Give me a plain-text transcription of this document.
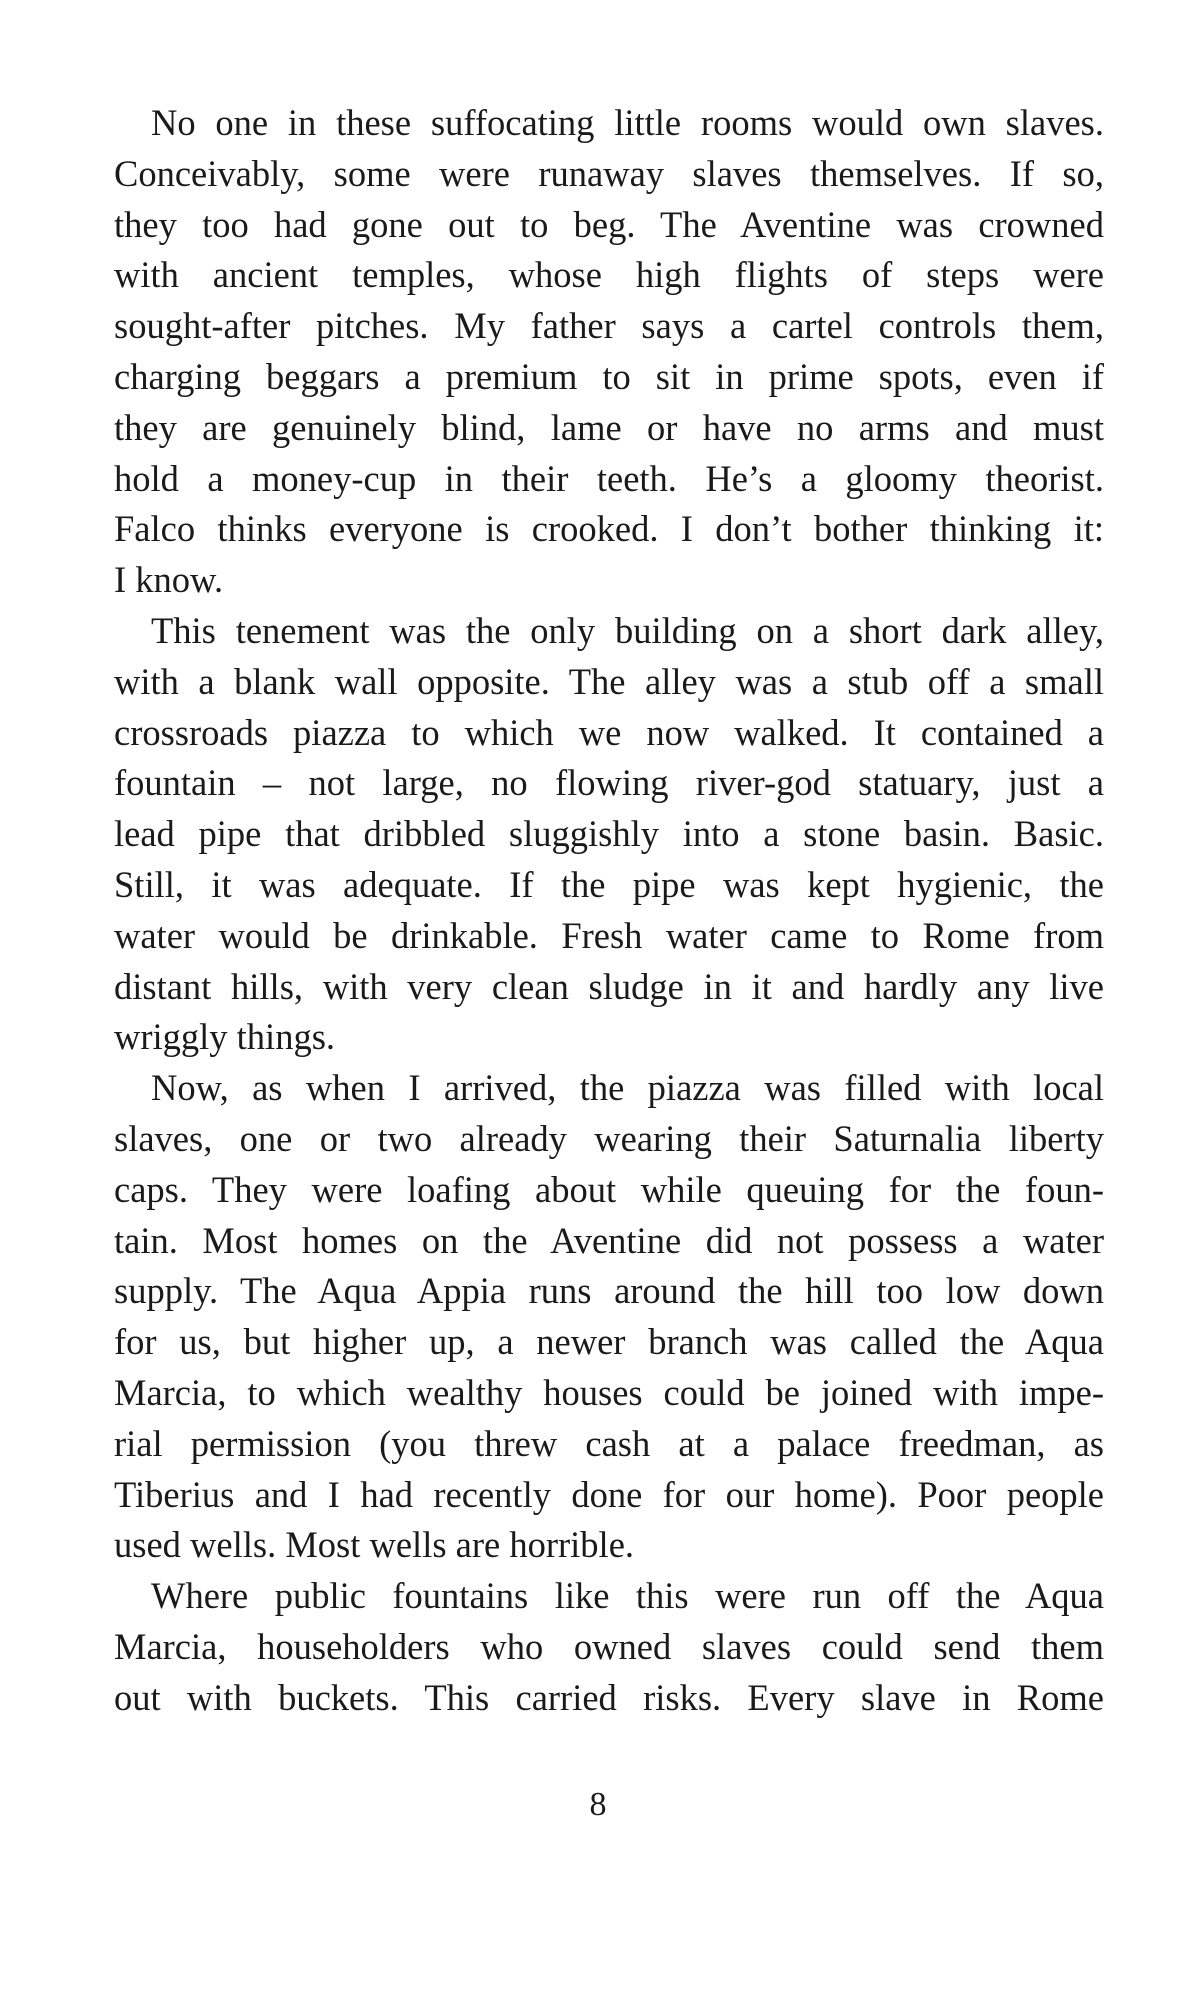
No one in these suffocating little rooms would own slaves.
Conceivably, some were runaway slaves themselves. If so,
they too had gone out to beg. The Aventine was crowned
with ancient temples, whose high flights of steps were
sought-after pitches. My father says a cartel controls them,
charging beggars a premium to sit in prime spots, even if
they are genuinely blind, lame or have no arms and must
hold a money-cup in their teeth. He’s a gloomy theorist.
Falco thinks everyone is crooked. I don’t bother thinking it:
I know.
This tenement was the only building on a short dark alley,
with a blank wall opposite. The alley was a stub off a small
crossroads piazza to which we now walked. It contained a
fountain – not large, no flowing river-god statuary, just a
lead pipe that dribbled sluggishly into a stone basin. Basic.
Still, it was adequate. If the pipe was kept hygienic, the
water would be drinkable. Fresh water came to Rome from
distant hills, with very clean sludge in it and hardly any live
wriggly things.
Now, as when I arrived, the piazza was filled with local
slaves, one or two already wearing their Saturnalia liberty
caps. They were loafing about while queuing for the foun-
tain. Most homes on the Aventine did not possess a water
supply. The Aqua Appia runs around the hill too low down
for us, but higher up, a newer branch was called the Aqua
Marcia, to which wealthy houses could be joined with impe-
rial permission (you threw cash at a palace freedman, as
Tiberius and I had recently done for our home). Poor people
used wells. Most wells are horrible.
Where public fountains like this were run off the Aqua
Marcia, householders who owned slaves could send them
out with buckets. This carried risks. Every slave in Rome
8
